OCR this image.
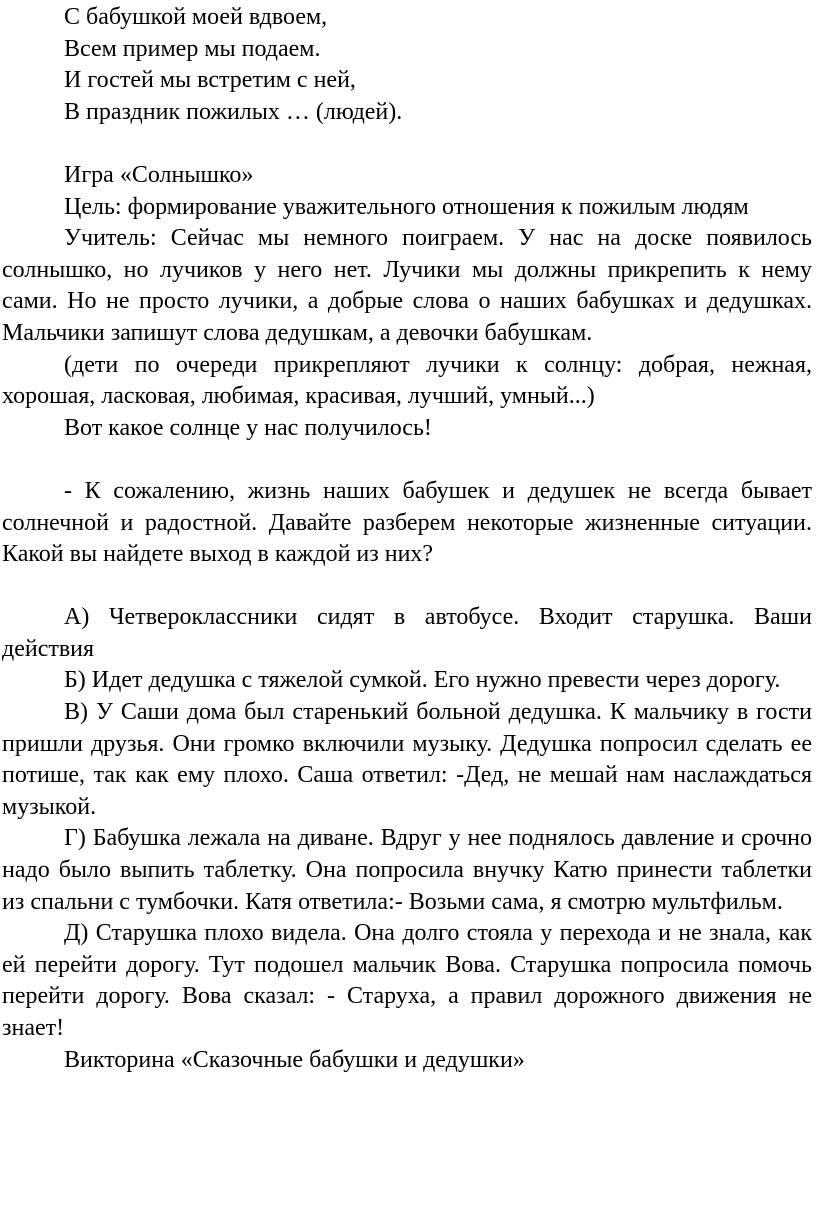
С бабушкой моей вдвоем,
Всем пример мы подаем.
И гостей мы встретим с ней,
В праздник пожилых … (людей).

Игра «Солнышко»

Цель: формирование уважительного отношения к пожилым людям

Учитель: Сейчас мы немного поиграем. У нас на доске появилось солнышко, но лучиков у него нет. Лучики мы должны прикрепить к нему сами. Но не просто лучики, а добрые слова о наших бабушках и дедушках. Мальчики запишут слова дедушкам, а девочки бабушкам.

(дети по очереди прикрепляют лучики к солнцу: добрая, нежная, хорошая, ласковая, любимая, красивая, лучший, умный...)

Вот какое солнце у нас получилось!

- К сожалению, жизнь наших бабушек и дедушек не всегда бывает солнечной и радостной. Давайте разберем некоторые жизненные ситуации. Какой вы найдете выход в каждой из них?

А) Четвероклассники сидят в автобусе. Входит старушка. Ваши действия

Б) Идет дедушка с тяжелой сумкой. Его нужно превести через дорогу.

В) У Саши дома был старенький больной дедушка. К мальчику в гости пришли друзья. Они громко включили музыку. Дедушка попросил сделать ее потише, так как ему плохо. Саша ответил: -Дед, не мешай нам наслаждаться музыкой.

Г) Бабушка лежала на диване. Вдруг у нее поднялось давление и срочно надо было выпить таблетку. Она попросила внучку Катю принести таблетки из спальни с тумбочки. Катя ответила:- Возьми сама, я смотрю мультфильм.

Д) Старушка плохо видела. Она долго стояла у перехода и не знала, как ей перейти дорогу. Тут подошел мальчик Вова. Старушка попросила помочь перейти дорогу. Вова сказал: - Старуха, а правил дорожного движения не знает!

Викторина «Сказочные бабушки и дедушки»
